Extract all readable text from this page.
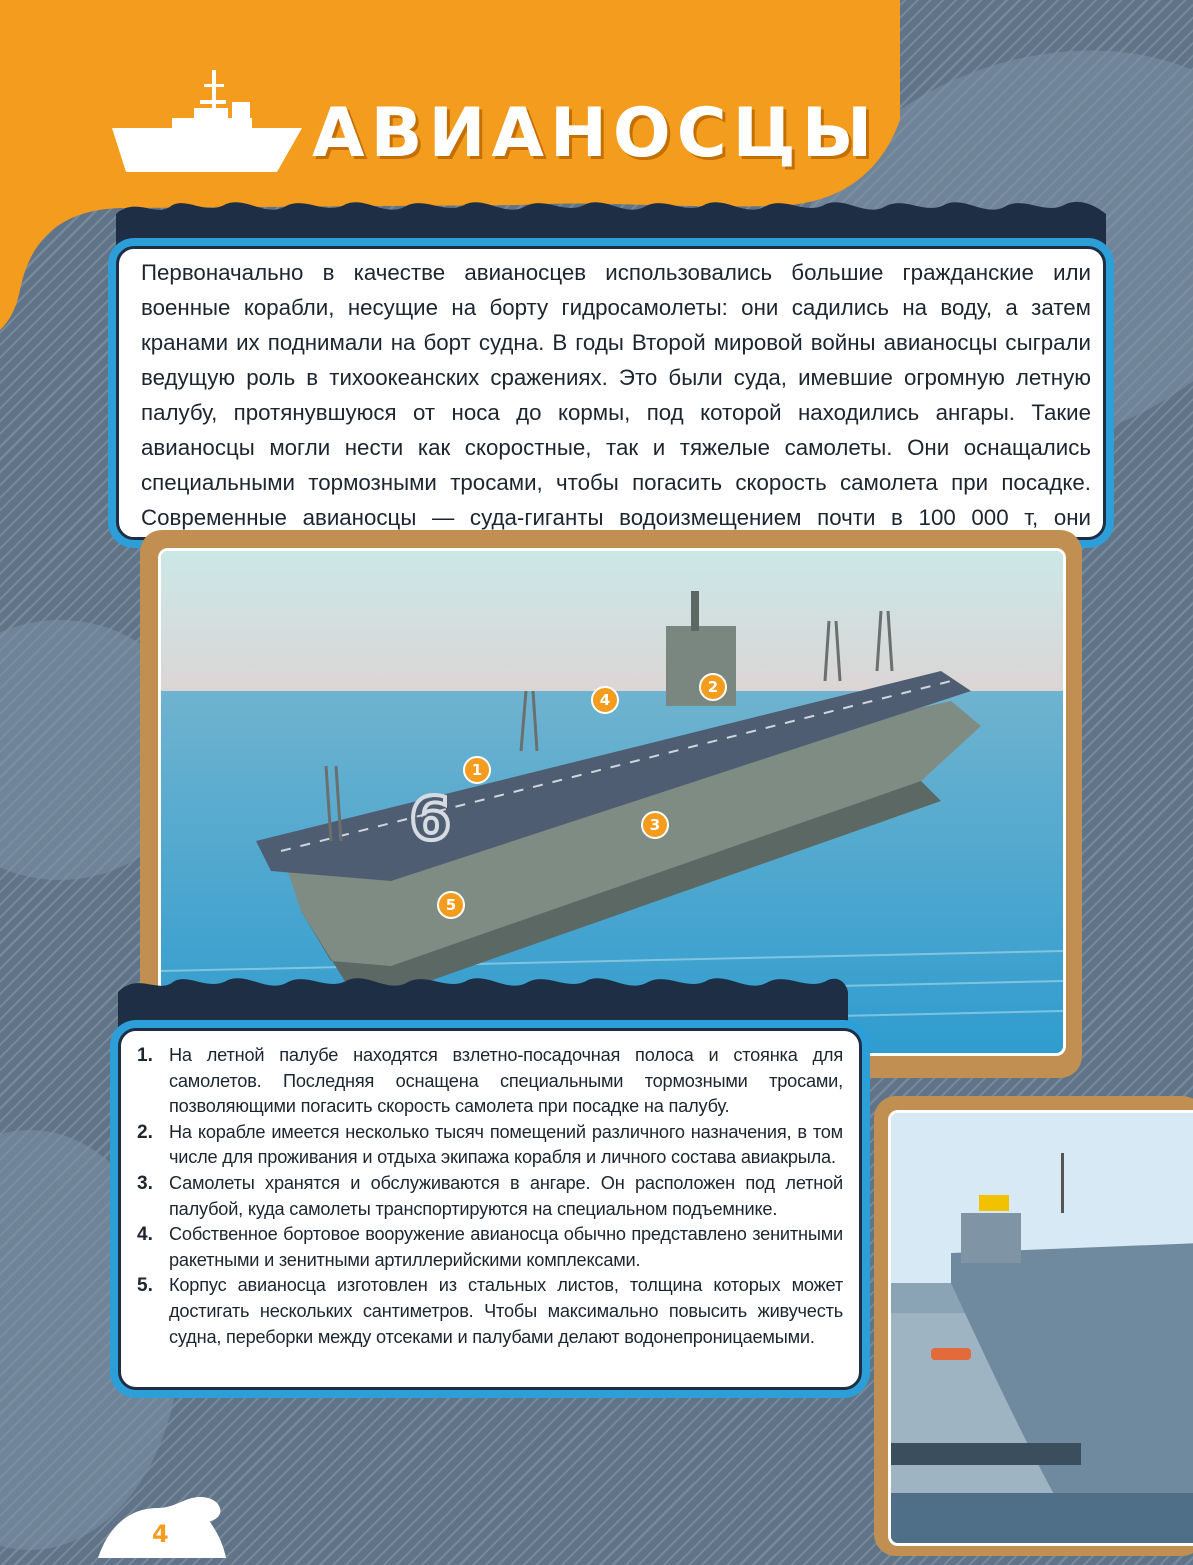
АВИАНОСЦЫ

Первоначально в качестве авианосцев использовались большие гражданские или военные корабли, несущие на борту гидросамолеты: они садились на воду, а затем кранами их поднимали на борт судна. В годы Второй мировой войны авианосцы сыграли ведущую роль в тихоокеанских сражениях. Это были суда, имевшие огромную летную палубу, протянувшуюся от носа до кормы, под которой находились ангары. Такие авианосцы могли нести как скоростные, так и тяжелые самолеты. Они оснащались специальными тормозными тросами, чтобы погасить скорость самолета при посадке. Современные авианосцы — суда-гиганты водоизмещением почти в 100 000 т, они

9
1
2
3
4
5
1. На летной палубе находятся взлетно-посадочная полоса и стоянка для самолетов. Последняя оснащена специальными тормозными тросами, позволяющими погасить скорость самолета при посадке на палубу.
2. На корабле имеется несколько тысяч помещений различного назначения, в том числе для проживания и отдыха экипажа корабля и личного состава авиакрыла.
3. Самолеты хранятся и обслуживаются в ангаре. Он расположен под летной палубой, куда самолеты транспортируются на специальном подъемнике.
4. Собственное бортовое вооружение авианосца обычно представлено зенитными ракетными и зенитными артиллерийскими комплексами.
5. Корпус авианосца изготовлен из стальных листов, толщина которых может достигать нескольких сантиметров. Чтобы максимально повысить живучесть судна, переборки между отсеками и палубами делают водонепроницаемыми.
4
